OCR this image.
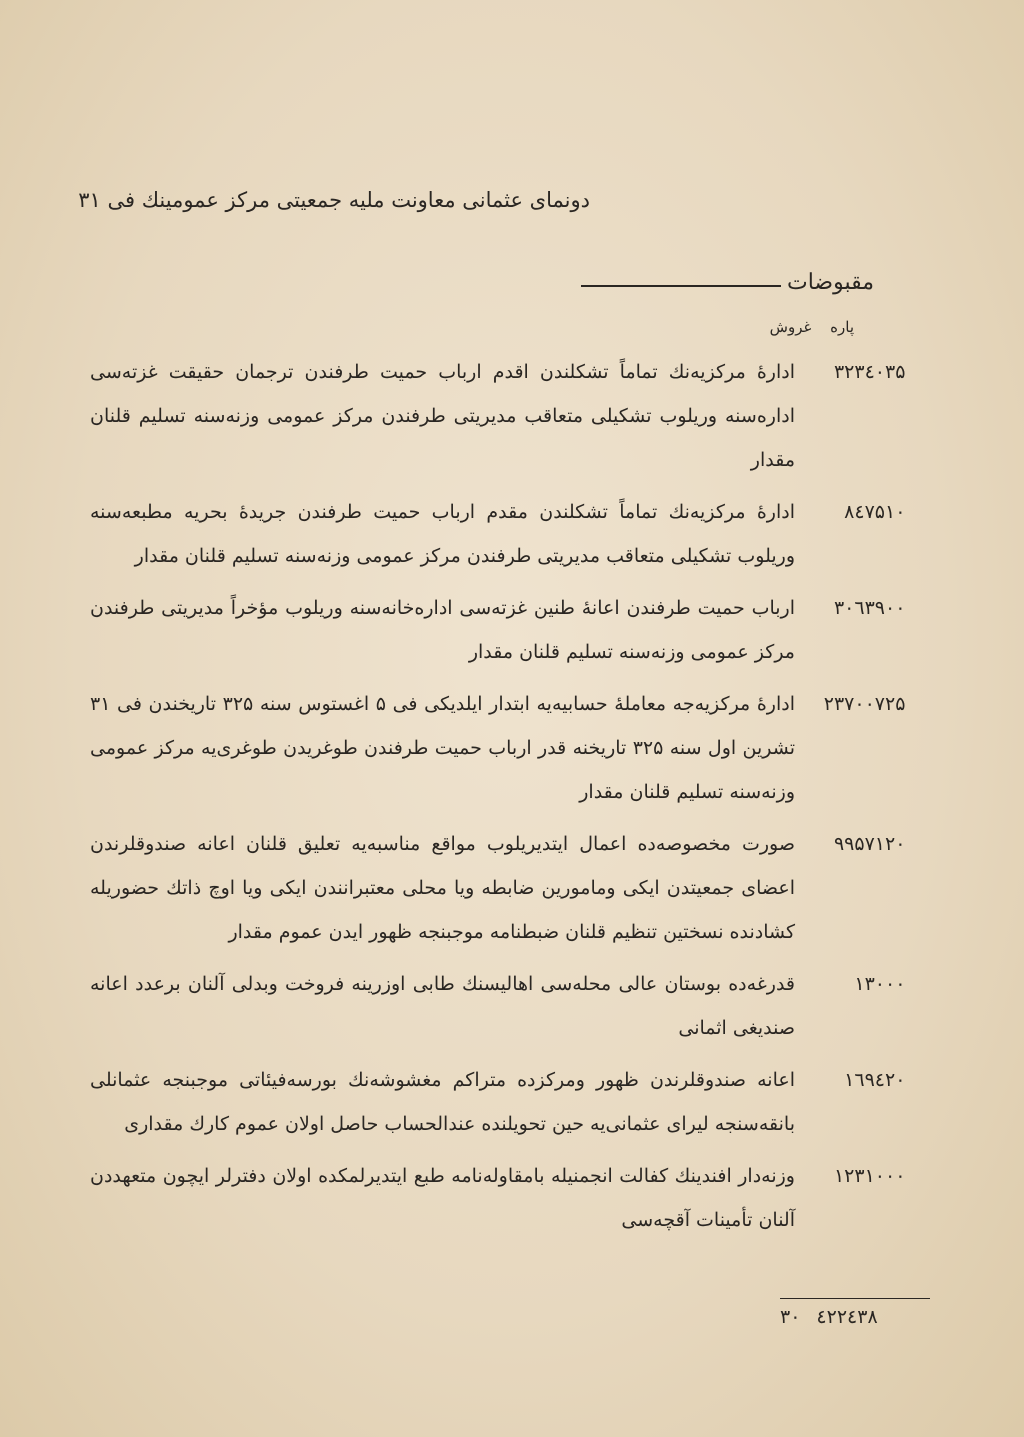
دونمای عثمانی معاونت ملیه جمعیتی مرکز عمومینك فی ۳۱
مقبوضات
پاره غروش
ادارهٔ مرکزیه‌نك تماماً تشکلندن اقدم ارباب حمیت طرفندن ترجمان حقیقت غزته‌سی اداره‌سنه وریلوب تشکیلی متعاقب مدیریتی طرفندن مرکز عمومی وزنه‌سنه تسلیم قلنان مقدار
۳۵۳۲۳٤۰
ادارهٔ مرکزیه‌نك تماماً تشکلندن مقدم ارباب حمیت طرفندن جریدهٔ بحریه مطبعه‌سنه وریلوب تشکیلی متعاقب مدیریتی طرفندن مرکز عمومی وزنه‌سنه تسلیم قلنان مقدار
۱۰۸٤۷۵
ارباب حمیت طرفندن اعانهٔ طنین غزته‌سی اداره‌خانه‌سنه وریلوب مؤخراً مدیریتی طرفندن مرکز عمومی وزنه‌سنه تسلیم قلنان مقدار
۰۰۳۰٦۳۹
ادارهٔ مرکزیه‌جه معاملهٔ حسابیه‌یه ابتدار ایلدیکی فی ۵ اغستوس سنه ۳۲۵ تاریخندن فی ۳۱ تشرین اول سنه ۳۲۵ تاریخنه قدر ارباب حمیت طرفندن طوغریدن طوغری‌یه مرکز عمومی وزنه‌سنه تسلیم قلنان مقدار
۲۵۲۳۷۰۰۷
صورت مخصوصه‌ده اعمال ایتدیریلوب مواقع مناسبه‌یه تعلیق قلنان اعانه صندوقلرندن اعضای جمعیتدن ایکی ومامورین ضابطه ویا محلی معتبرانندن ایکی ویا اوچ ذاتك حضوریله کشادنده نسختین تنظیم قلنان ضبطنامه موجبنجه ظهور ایدن عموم مقدار
۲۰۹۹۵۷۱
قدرغه‌ده بوستان عالی محله‌سی اهالیسنك طابی اوزرینه فروخت وبدلی آلنان برعدد اعانه صندیغی اثمانی
۰۰۱۳۰
اعانه صندوقلرندن ظهور ومرکزده متراکم مغشوشه‌نك بورسه‌فیئاتی موجبنجه عثمانلی بانقه‌سنجه لیرای عثمانی‌یه حین تحویلنده عندالحساب حاصل اولان عموم کارك مقداری
۲۰۱٦۹٤
وزنه‌دار افندینك کفالت انجمنیله بامقاوله‌نامه طبع ایتدیرلمکده اولان دفترلر ایچون متعهددن آلنان تأمینات آقچه‌سی
۰۰۱۲۳۱۰
۳۰ ٤۲۲٤۳۸
